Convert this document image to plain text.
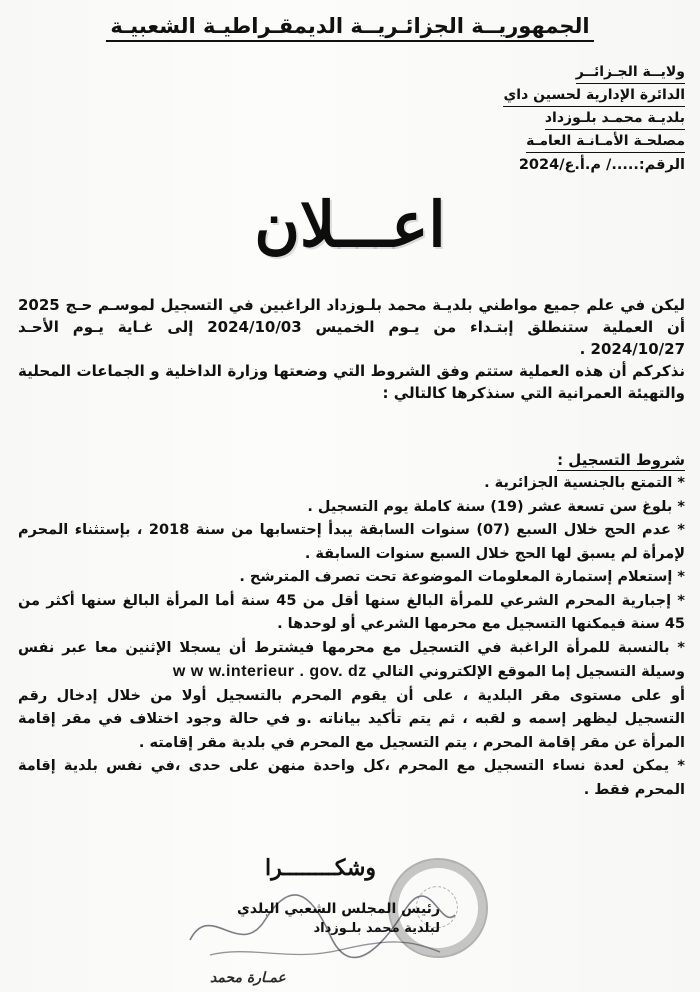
الجمهوريــة الجزائـريــة الديمقـراطيـة الشعبيـة
ولايــة الجـزائــر
الدائرة الإدارية لحسين داي
بلديـة محمـد بلـوزداد
مصلحـة الأمـانـة العامـة
الرقم:...../ م.أ.ع/2024
اعـــلان

ليكن في علم جميع مواطني بلديـة محمد بلـوزداد الراغبين في التسجيل لموسـم حـج 2025 أن العملية ستنطلق إبتـداء من يـوم الخميس 2024/10/03 إلى غـاية يـوم الأحـد 2024/10/27 .

نذكركم أن هذه العملية ستتم وفق الشروط التي وضعتها وزارة الداخلية و الجماعات المحلية والتهيئة العمرانية التي سنذكرها كالتالي :

شروط التسجيل :
* التمتع بالجنسية الجزائرية .
* بلوغ سن تسعة عشر (19) سنة كاملة يوم التسجيل .
* عدم الحج خلال السبع (07) سنوات السابقة يبدأ إحتسابها من سنة 2018 ، بإستثناء المحرم لإمرأة لم يسبق لها الحج خلال السبع سنوات السابقة .
* إستعلام إستمارة المعلومات الموضوعة تحت تصرف المترشح .
* إجبارية المحرم الشرعي للمرأة البالغ سنها أقل من 45 سنة أما المرأة البالغ سنها أكثر من 45 سنة فيمكنها التسجيل مع محرمها الشرعي أو لوحدها .
* بالنسبة للمرأة الراغبة في التسجيل مع محرمها فيشترط أن يسجلا الإثنين معا عبر نفس وسيلة التسجيل إما الموقع الإلكتروني التالي w w w.interieur . gov. dz
أو على مستوى مقر البلدية ، على أن يقوم المحرم بالتسجيل أولا من خلال إدخال رقم التسجيل ليظهر إسمه و لقبه ، ثم يتم تأكيد بياناته .و في حالة وجود اختلاف في مقر إقامة المرأة عن مقر إقامة المحرم ، يتم التسجيل مع المحرم في بلدية مقر إقامته .
* يمكن لعدة نساء التسجيل مع المحرم ،كل واحدة منهن على حدى ،في نفس بلدية إقامة المحرم فقط .
وشكــــــــرا
رئيس المجلس الشعبي البلدي
لبلدية محمد بلـوزداد
عمـارة محمد
